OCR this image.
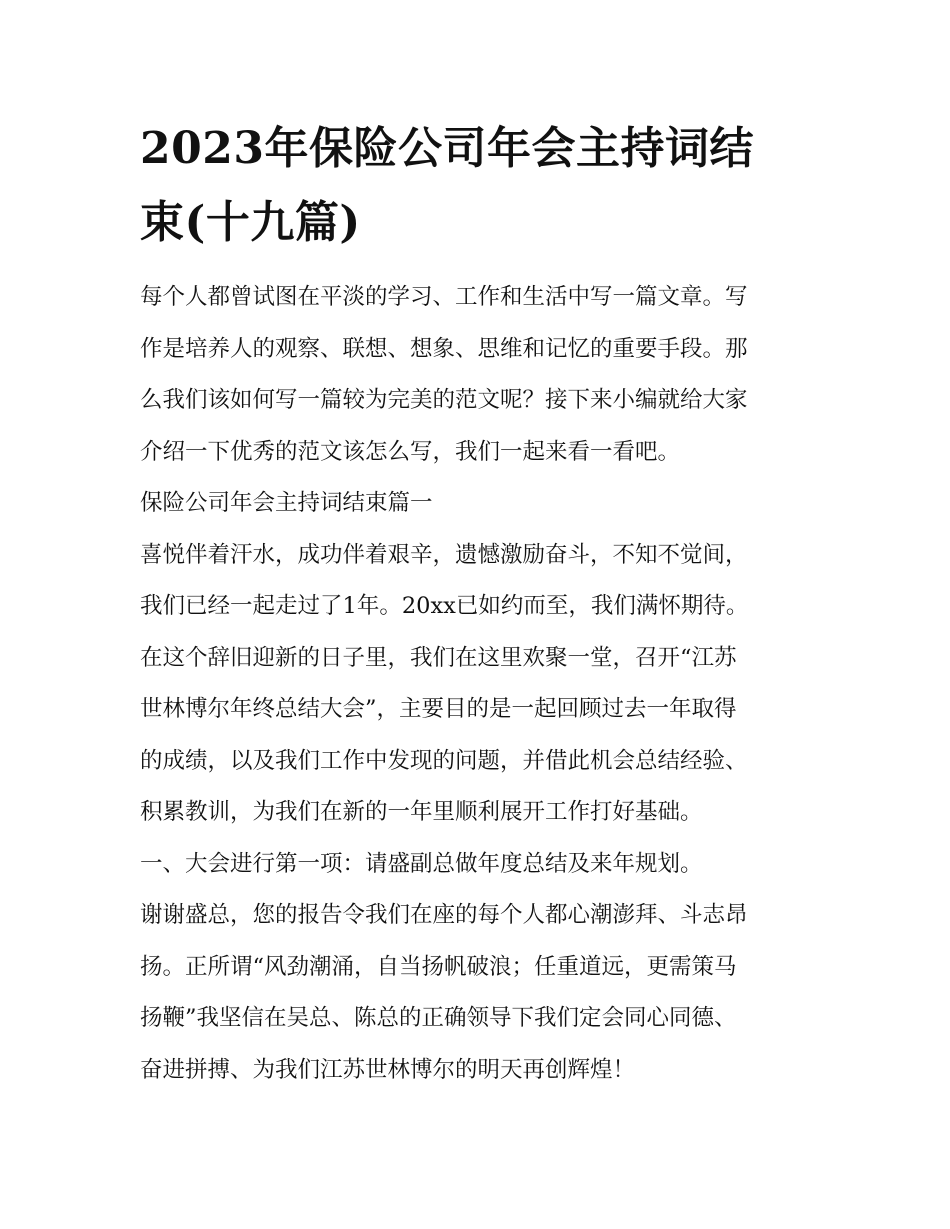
2023年保险公司年会主持词结
束(十九篇)

每个人都曾试图在平淡的学习、工作和生活中写一篇文章。写
作是培养人的观察、联想、想象、思维和记忆的重要手段。那
么我们该如何写一篇较为完美的范文呢？接下来小编就给大家
介绍一下优秀的范文该怎么写，我们一起来看一看吧。

保险公司年会主持词结束篇一

喜悦伴着汗水，成功伴着艰辛，遗憾激励奋斗，不知不觉间，
我们已经一起走过了1年。20xx已如约而至，我们满怀期待。
在这个辞旧迎新的日子里，我们在这里欢聚一堂，召开“江苏
世林博尔年终总结大会”，主要目的是一起回顾过去一年取得
的成绩，以及我们工作中发现的问题，并借此机会总结经验、
积累教训，为我们在新的一年里顺利展开工作打好基础。

一、大会进行第一项：请盛副总做年度总结及来年规划。

谢谢盛总，您的报告令我们在座的每个人都心潮澎拜、斗志昂
扬。正所谓“风劲潮涌，自当扬帆破浪；任重道远，更需策马
扬鞭”我坚信在吴总、陈总的正确领导下我们定会同心同德、
奋进拼搏、为我们江苏世林博尔的明天再创辉煌！
